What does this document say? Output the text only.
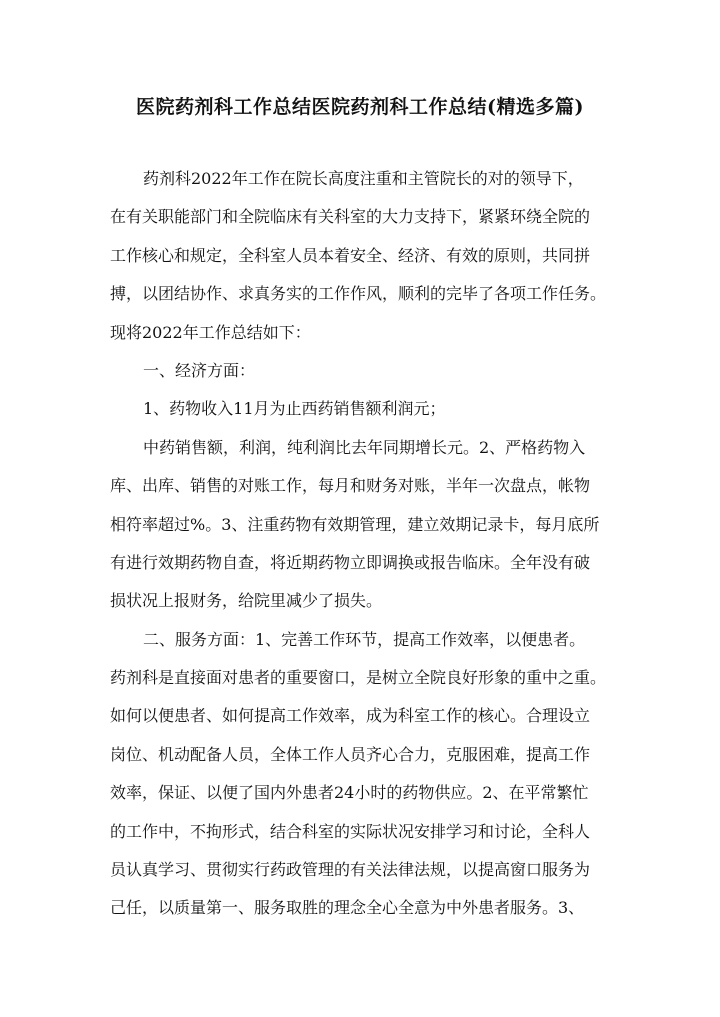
医院药剂科工作总结医院药剂科工作总结(精选多篇)
药剂科2022年工作在院长高度注重和主管院长的对的领导下，
在有关职能部门和全院临床有关科室的大力支持下，紧紧环绕全院的
工作核心和规定，全科室人员本着安全、经济、有效的原则，共同拼
搏，以团结协作、求真务实的工作作风，顺利的完毕了各项工作任务。
现将2022年工作总结如下：
一、经济方面：
1、药物收入11月为止西药销售额利润元；
中药销售额，利润，纯利润比去年同期增长元。2、严格药物入
库、出库、销售的对账工作，每月和财务对账，半年一次盘点，帐物
相符率超过%。3、注重药物有效期管理，建立效期记录卡，每月底所
有进行效期药物自查，将近期药物立即调换或报告临床。全年没有破
损状况上报财务，给院里减少了损失。
二、服务方面：1、完善工作环节，提高工作效率，以便患者。
药剂科是直接面对患者的重要窗口，是树立全院良好形象的重中之重。
如何以便患者、如何提高工作效率，成为科室工作的核心。合理设立
岗位、机动配备人员，全体工作人员齐心合力，克服困难，提高工作
效率，保证、以便了国内外患者24小时的药物供应。2、在平常繁忙
的工作中，不拘形式，结合科室的实际状况安排学习和讨论，全科人
员认真学习、贯彻实行药政管理的有关法律法规，以提高窗口服务为
己任，以质量第一、服务取胜的理念全心全意为中外患者服务。3、
